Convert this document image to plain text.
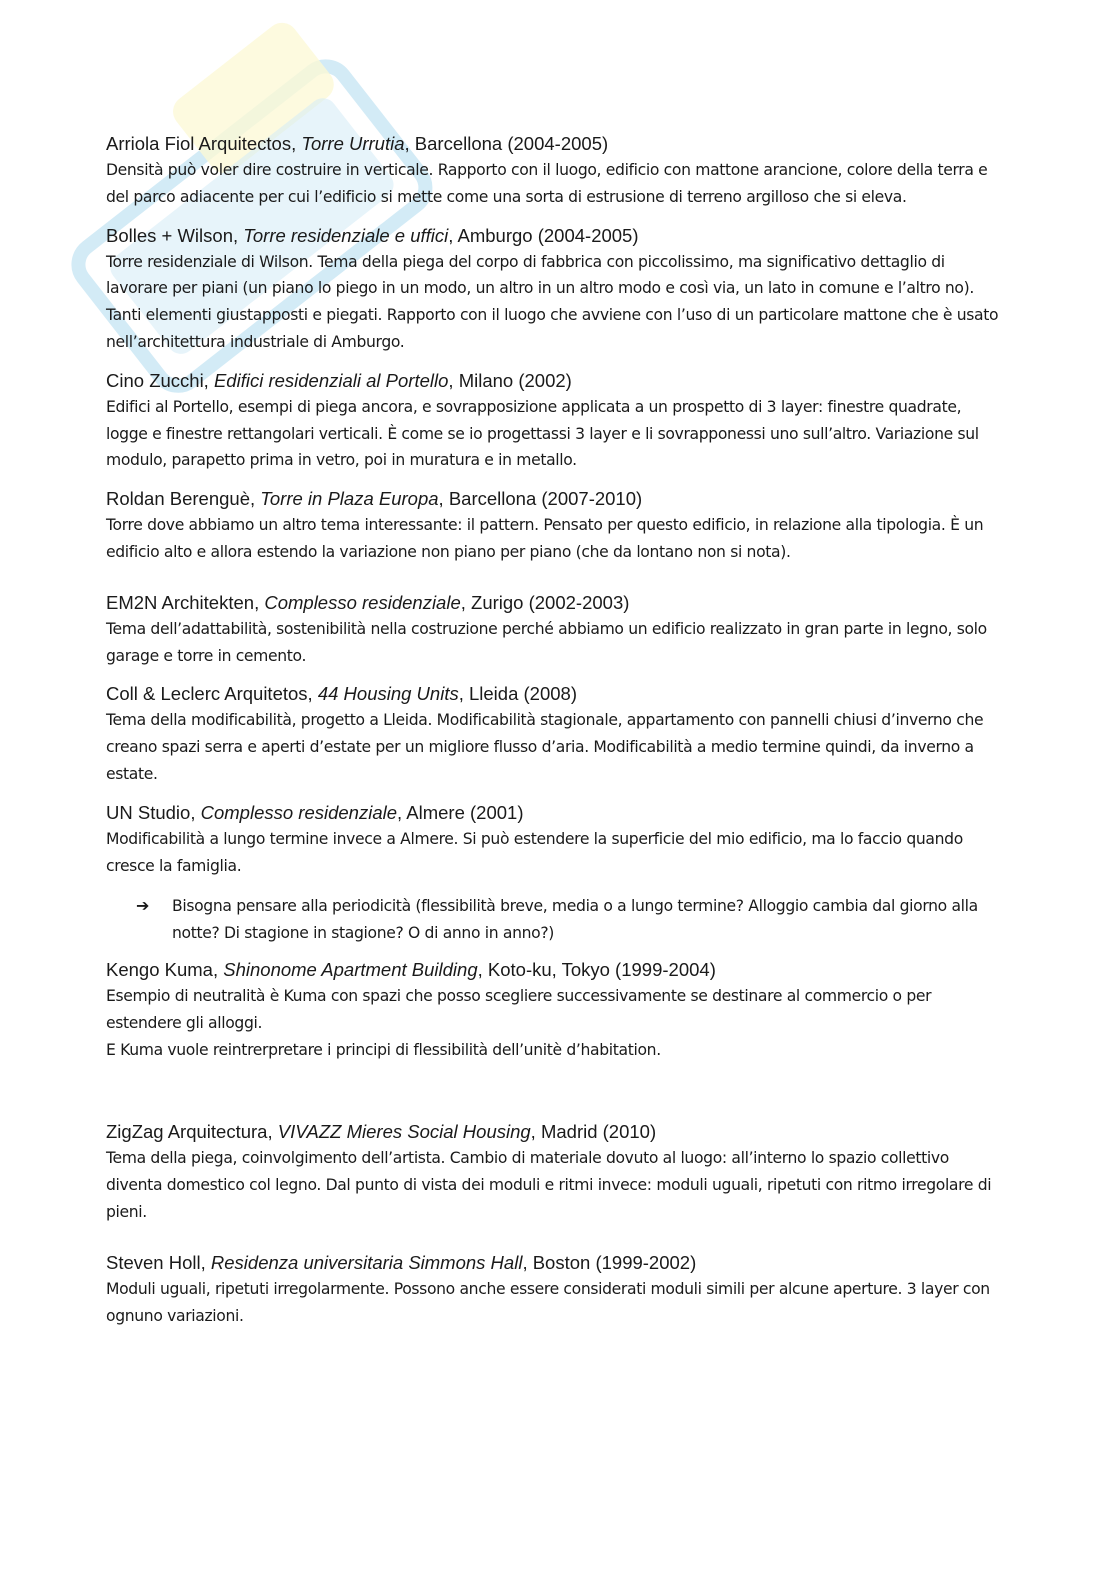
Arriola Fiol Arquitectos, Torre Urrutia, Barcellona (2004-2005)

Densità può voler dire costruire in verticale. Rapporto con il luogo, edificio con mattone arancione, colore della terra e del parco adiacente per cui l’edificio si mette come una sorta di estrusione di terreno argilloso che si eleva.

Bolles + Wilson, Torre residenziale e uffici, Amburgo (2004-2005)

Torre residenziale di Wilson. Tema della piega del corpo di fabbrica con piccolissimo, ma significativo dettaglio di lavorare per piani (un piano lo piego in un modo, un altro in un altro modo e così via, un lato in comune e l’altro no). Tanti elementi giustapposti e piegati. Rapporto con il luogo che avviene con l’uso di un particolare mattone che è usato nell’architettura industriale di Amburgo.

Cino Zucchi, Edifici residenziali al Portello, Milano (2002)

Edifici al Portello, esempi di piega ancora, e sovrapposizione applicata a un prospetto di 3 layer: finestre quadrate, logge e finestre rettangolari verticali. È come se io progettassi 3 layer e li sovrapponessi uno sull’altro. Variazione sul modulo, parapetto prima in vetro, poi in muratura e in metallo.

Roldan Berenguè, Torre in Plaza Europa, Barcellona (2007-2010)

Torre dove abbiamo un altro tema interessante: il pattern. Pensato per questo edificio, in relazione alla tipologia. È un edificio alto e allora estendo la variazione non piano per piano (che da lontano non si nota).

EM2N Architekten, Complesso residenziale, Zurigo (2002-2003)

Tema dell’adattabilità, sostenibilità nella costruzione perché abbiamo un edificio realizzato in gran parte in legno, solo garage e torre in cemento.

Coll & Leclerc Arquitetos, 44 Housing Units, Lleida (2008)

Tema della modificabilità, progetto a Lleida. Modificabilità stagionale, appartamento con pannelli chiusi d’inverno che creano spazi serra e aperti d’estate per un migliore flusso d’aria. Modificabilità a medio termine quindi, da inverno a estate.

UN Studio, Complesso residenziale, Almere (2001)

Modificabilità a lungo termine invece a Almere. Si può estendere la superficie del mio edificio, ma lo faccio quando cresce la famiglia.

➔ Bisogna pensare alla periodicità (flessibilità breve, media o a lungo termine? Alloggio cambia dal giorno alla notte? Di stagione in stagione? O di anno in anno?)

Kengo Kuma, Shinonome Apartment Building, Koto-ku, Tokyo (1999-2004)

Esempio di neutralità è Kuma con spazi che posso scegliere successivamente se destinare al commercio o per estendere gli alloggi.

E Kuma vuole reintrerpretare i principi di flessibilità dell’unitè d’habitation.

ZigZag Arquitectura, VIVAZZ Mieres Social Housing, Madrid (2010)

Tema della piega, coinvolgimento dell’artista. Cambio di materiale dovuto al luogo: all’interno lo spazio collettivo diventa domestico col legno. Dal punto di vista dei moduli e ritmi invece: moduli uguali, ripetuti con ritmo irregolare di pieni.

Steven Holl, Residenza universitaria Simmons Hall, Boston (1999-2002)

Moduli uguali, ripetuti irregolarmente. Possono anche essere considerati moduli simili per alcune aperture. 3 layer con ognuno variazioni.
